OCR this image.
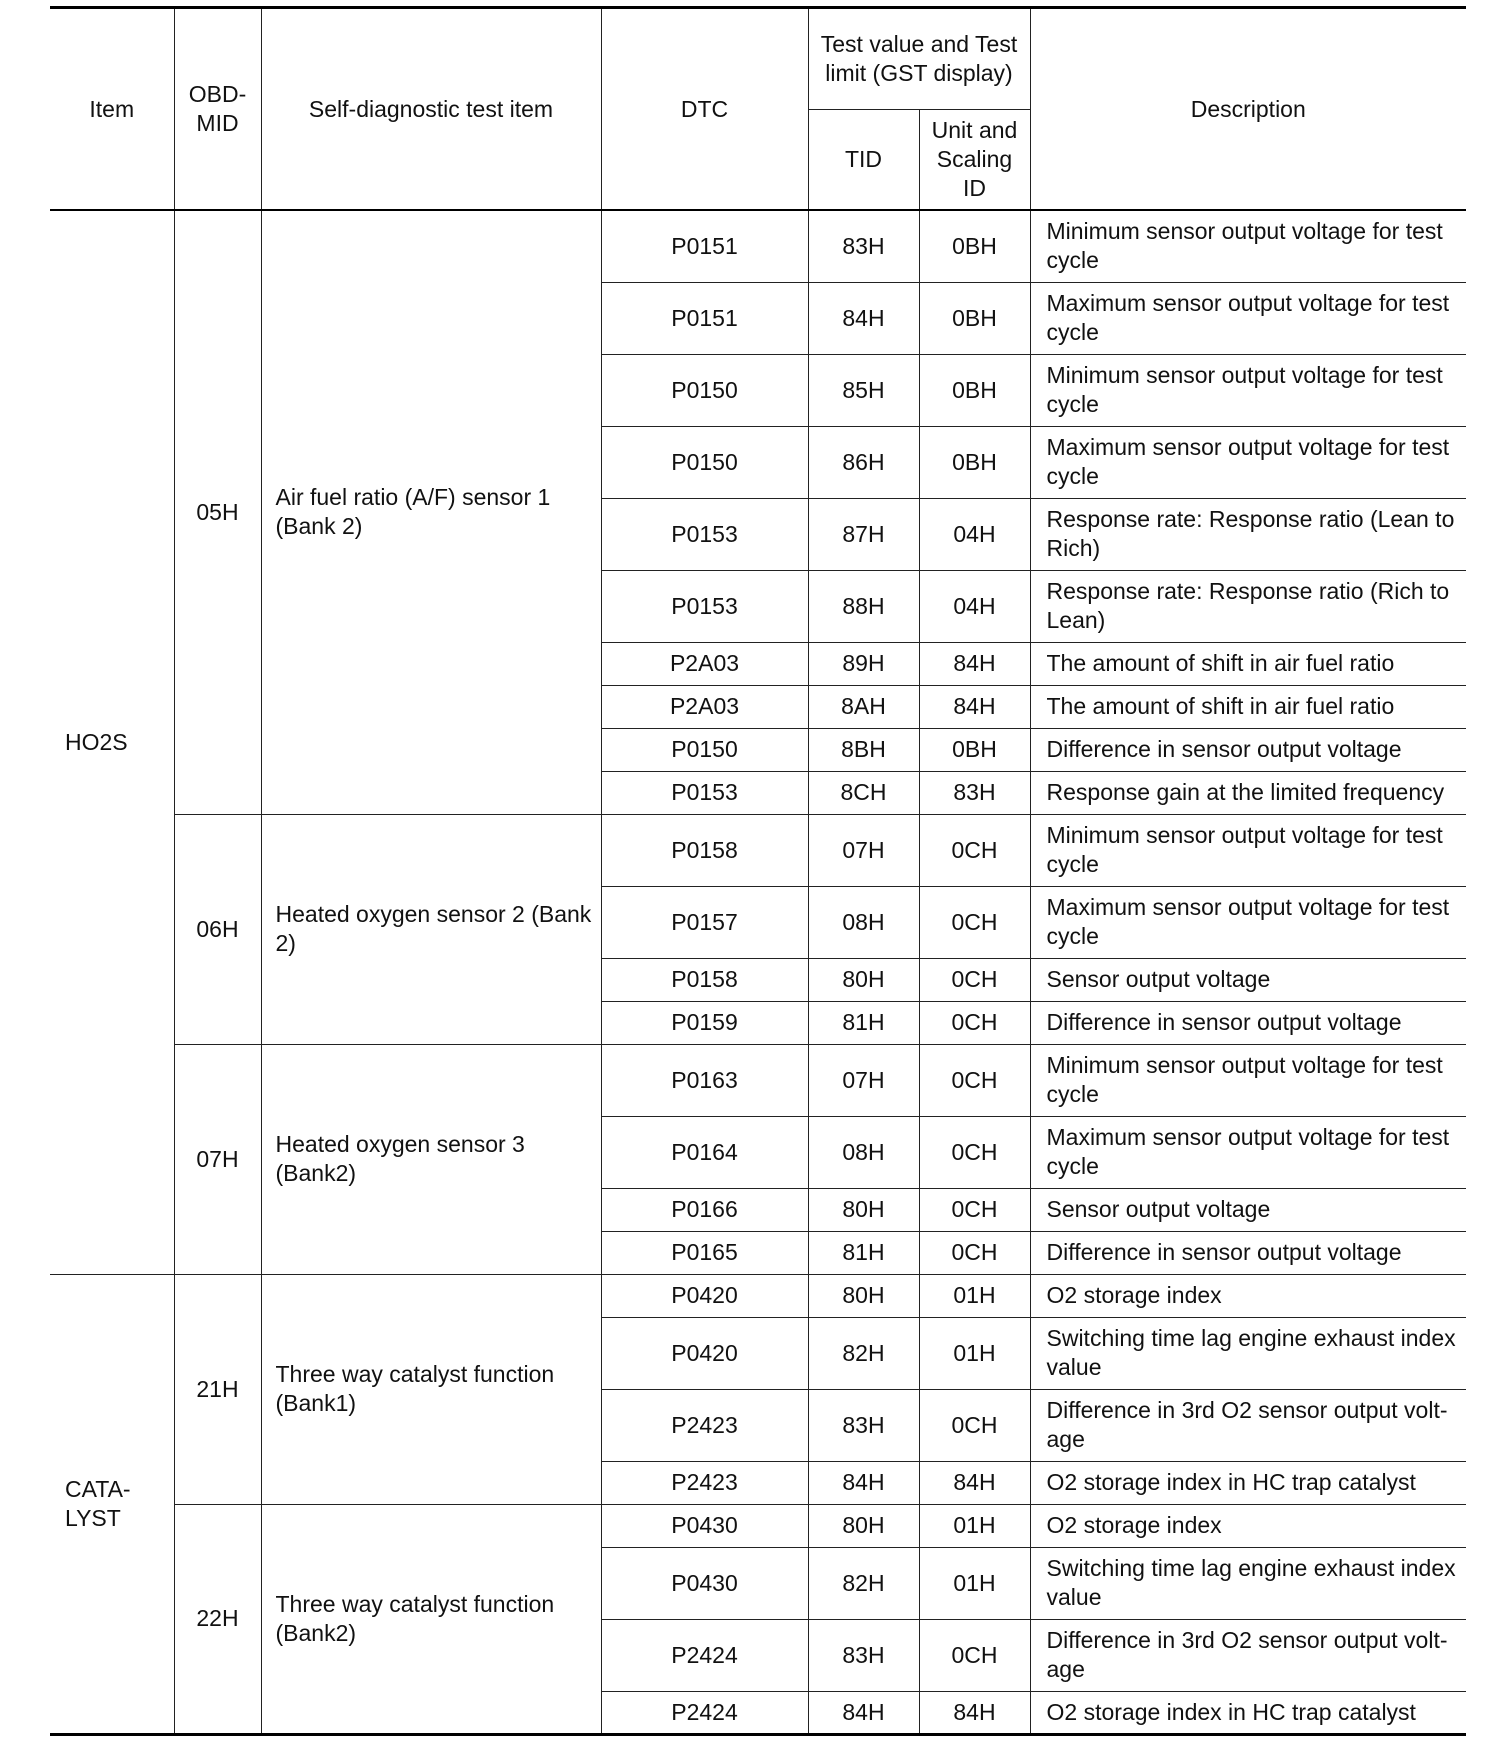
Item	OBD-MID	Self-diagnostic test item	DTC	Test value and Test limit (GST display)		Description
				TID	Unit and Scaling ID	
HO2S	05H	Air fuel ratio (A/F) sensor 1 (Bank 2)	P0151	83H	0BH	Minimum sensor output voltage for test cycle
			P0151	84H	0BH	Maximum sensor output voltage for test cycle
			P0150	85H	0BH	Minimum sensor output voltage for test cycle
			P0150	86H	0BH	Maximum sensor output voltage for test cycle
			P0153	87H	04H	Response rate: Response ratio (Lean to Rich)
			P0153	88H	04H	Response rate: Response ratio (Rich to Lean)
			P2A03	89H	84H	The amount of shift in air fuel ratio
			P2A03	8AH	84H	The amount of shift in air fuel ratio
			P0150	8BH	0BH	Difference in sensor output voltage
			P0153	8CH	83H	Response gain at the limited frequency
	06H	Heated oxygen sensor 2 (Bank 2)	P0158	07H	0CH	Minimum sensor output voltage for test cycle
			P0157	08H	0CH	Maximum sensor output voltage for test cycle
			P0158	80H	0CH	Sensor output voltage
			P0159	81H	0CH	Difference in sensor output voltage
	07H	Heated oxygen sensor 3 (Bank2)	P0163	07H	0CH	Minimum sensor output voltage for test cycle
			P0164	08H	0CH	Maximum sensor output voltage for test cycle
			P0166	80H	0CH	Sensor output voltage
			P0165	81H	0CH	Difference in sensor output voltage
CATA-LYST	21H	Three way catalyst function (Bank1)	P0420	80H	01H	O2 storage index
			P0420	82H	01H	Switching time lag engine exhaust index value
			P2423	83H	0CH	Difference in 3rd O2 sensor output volt-age
			P2423	84H	84H	O2 storage index in HC trap catalyst
	22H	Three way catalyst function (Bank2)	P0430	80H	01H	O2 storage index
			P0430	82H	01H	Switching time lag engine exhaust index value
			P2424	83H	0CH	Difference in 3rd O2 sensor output volt-age
			P2424	84H	84H	O2 storage index in HC trap catalyst
